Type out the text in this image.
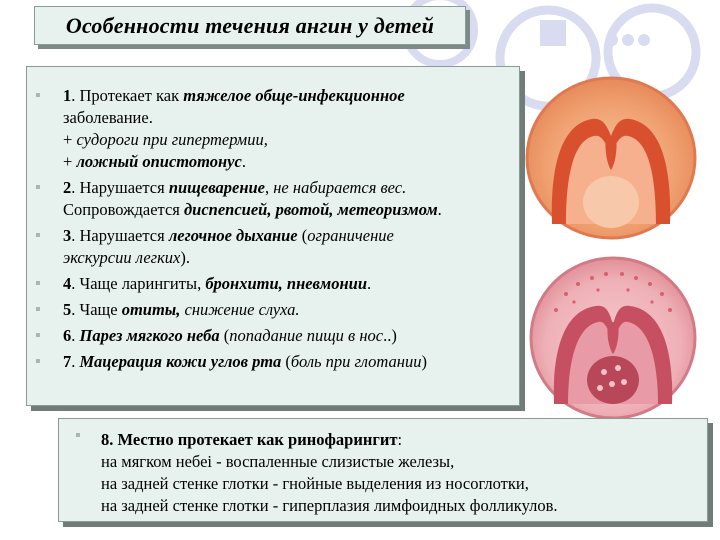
Особенности течения ангин у детей
▪ 1. Протекает как тяжелое обще-инфекционное
заболевание.
+ судороги при гипертермии,
+ ложный опистотонус.
▪ 2. Нарушается пищеварение, не набирается вес.
Сопровождается диспепсией, рвотой, метеоризмом.
▪ 3. Нарушается легочное дыхание (ограничение
экскурсии легких).
▪ 4. Чаще ларингиты, бронхити, пневмонии.
▪ 5. Чаще отиты, снижение слуха.
▪ 6. Парез мягкого неба (попадание пищи в нос..)
▪ 7. Мацерация кожи углов рта (боль при глотании)
▪ 8. Местно протекает как ринофарингит:
на мягком небеі - воспаленные слизистые железы,
на задней стенке глотки - гнойные выделения из носоглотки,
на задней стенке глотки - гиперплазия лимфоидных фолликулов.
